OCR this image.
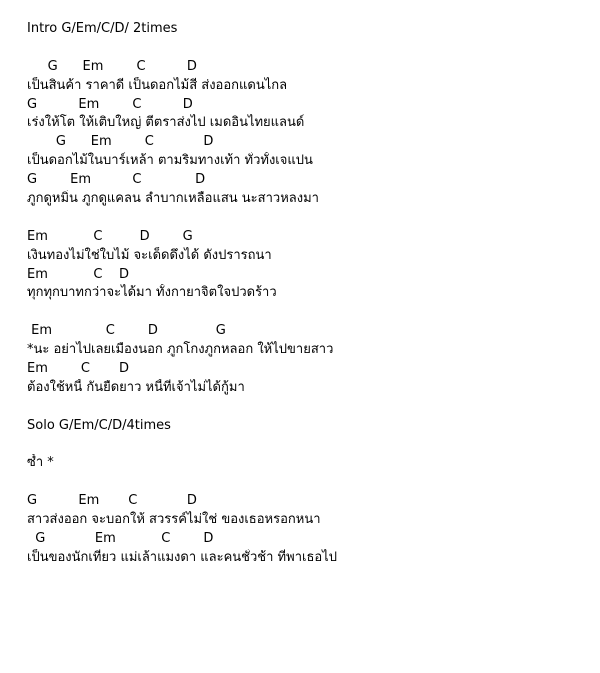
Intro G/Em/C/D/ 2times
G      Em        C          D
เป็นสินค้า ราคาดี เป็นดอกไม้สี ส่งออกแดนไกล
G          Em        C          D
เร่งให้โต ให้เติบใหญ่ ตีตราส่งไป เมดอินไทยแลนด์
G      Em        C            D
เป็นดอกไม้ในบาร์เหล้า ตามริมทางเท้า ทั่วทั้งเจแปน
G        Em          C             D
ภูกดูหมิ่น ภูกดูแคลน ลำบากเหลือแสน นะสาวหลงมา
Em           C         D        G
เงินทองไม่ใช่ใบไม้ จะเด็ดดึงได้ ดังปรารถนา
Em           C    D
ทุกทุกบาทกว่าจะได้มา ทั้งกายาจิตใจปวดร้าว
Em             C        D              G
*นะ อย่าไปเลยเมืองนอก ภูกโกงภูกหลอก ให้ไปขายสาว
Em        C       D
ต้องใช้หนี้ กันยืดยาว หนี้ที่เจ้าไม่ได้กู้มา
Solo G/Em/C/D/4times
ซ้ำ *
G          Em       C            D
สาวส่งออก จะบอกให้ สวรรค์ไม่ใช่ ของเธอหรอกหนา
G            Em           C        D
เป็นของนักเที่ยว แม่เล้าแมงดา และคนชั่วช้า ที่พาเธอไป
